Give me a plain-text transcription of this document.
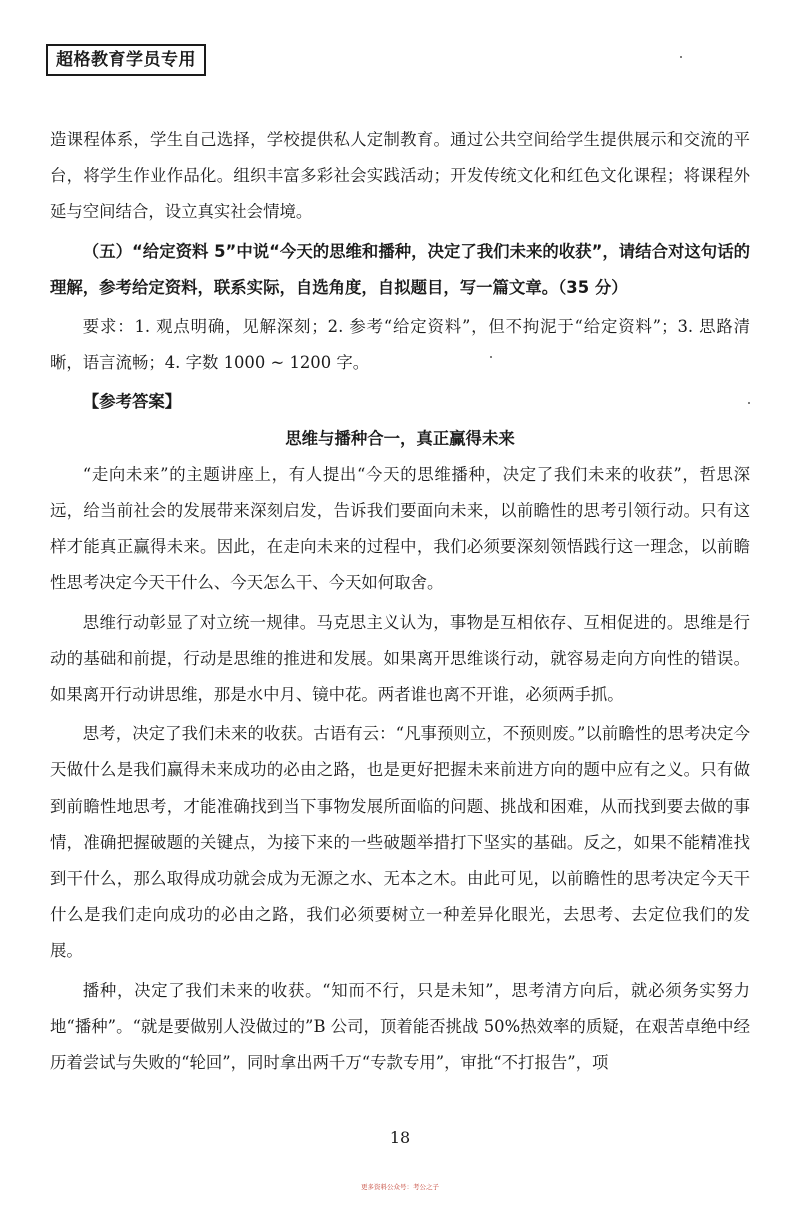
超格教育学员专用

造课程体系，学生自己选择，学校提供私人定制教育。通过公共空间给学生提供展示和交流的平台，将学生作业作品化。组织丰富多彩社会实践活动；开发传统文化和红色文化课程；将课程外延与空间结合，设立真实社会情境。

（五）“给定资料 5”中说“今天的思维和播种，决定了我们未来的收获”，请结合对这句话的理解，参考给定资料，联系实际，自选角度，自拟题目，写一篇文章。（35 分）

要求：1. 观点明确，见解深刻；2. 参考“给定资料”，但不拘泥于“给定资料”；3. 思路清晰，语言流畅；4. 字数 1000 ~ 1200 字。

【参考答案】

思维与播种合一，真正赢得未来

“走向未来”的主题讲座上，有人提出“今天的思维播种，决定了我们未来的收获”，哲思深远，给当前社会的发展带来深刻启发，告诉我们要面向未来，以前瞻性的思考引领行动。只有这样才能真正赢得未来。因此，在走向未来的过程中，我们必须要深刻领悟践行这一理念，以前瞻性思考决定今天干什么、今天怎么干、今天如何取舍。

思维行动彰显了对立统一规律。马克思主义认为，事物是互相依存、互相促进的。思维是行动的基础和前提，行动是思维的推进和发展。如果离开思维谈行动，就容易走向方向性的错误。如果离开行动讲思维，那是水中月、镜中花。两者谁也离不开谁，必须两手抓。

思考，决定了我们未来的收获。古语有云：“凡事预则立，不预则废。”以前瞻性的思考决定今天做什么是我们赢得未来成功的必由之路，也是更好把握未来前进方向的题中应有之义。只有做到前瞻性地思考，才能准确找到当下事物发展所面临的问题、挑战和困难，从而找到要去做的事情，准确把握破题的关键点，为接下来的一些破题举措打下坚实的基础。反之，如果不能精准找到干什么，那么取得成功就会成为无源之水、无本之木。由此可见，以前瞻性的思考决定今天干什么是我们走向成功的必由之路，我们必须要树立一种差异化眼光，去思考、去定位我们的发展。

播种，决定了我们未来的收获。“知而不行，只是未知”，思考清方向后，就必须务实努力地“播种”。“就是要做别人没做过的”B 公司，顶着能否挑战 50%热效率的质疑，在艰苦卓绝中经历着尝试与失败的“轮回”，同时拿出两千万“专款专用”，审批“不打报告”，项

18
更多资料公众号：考公之子
